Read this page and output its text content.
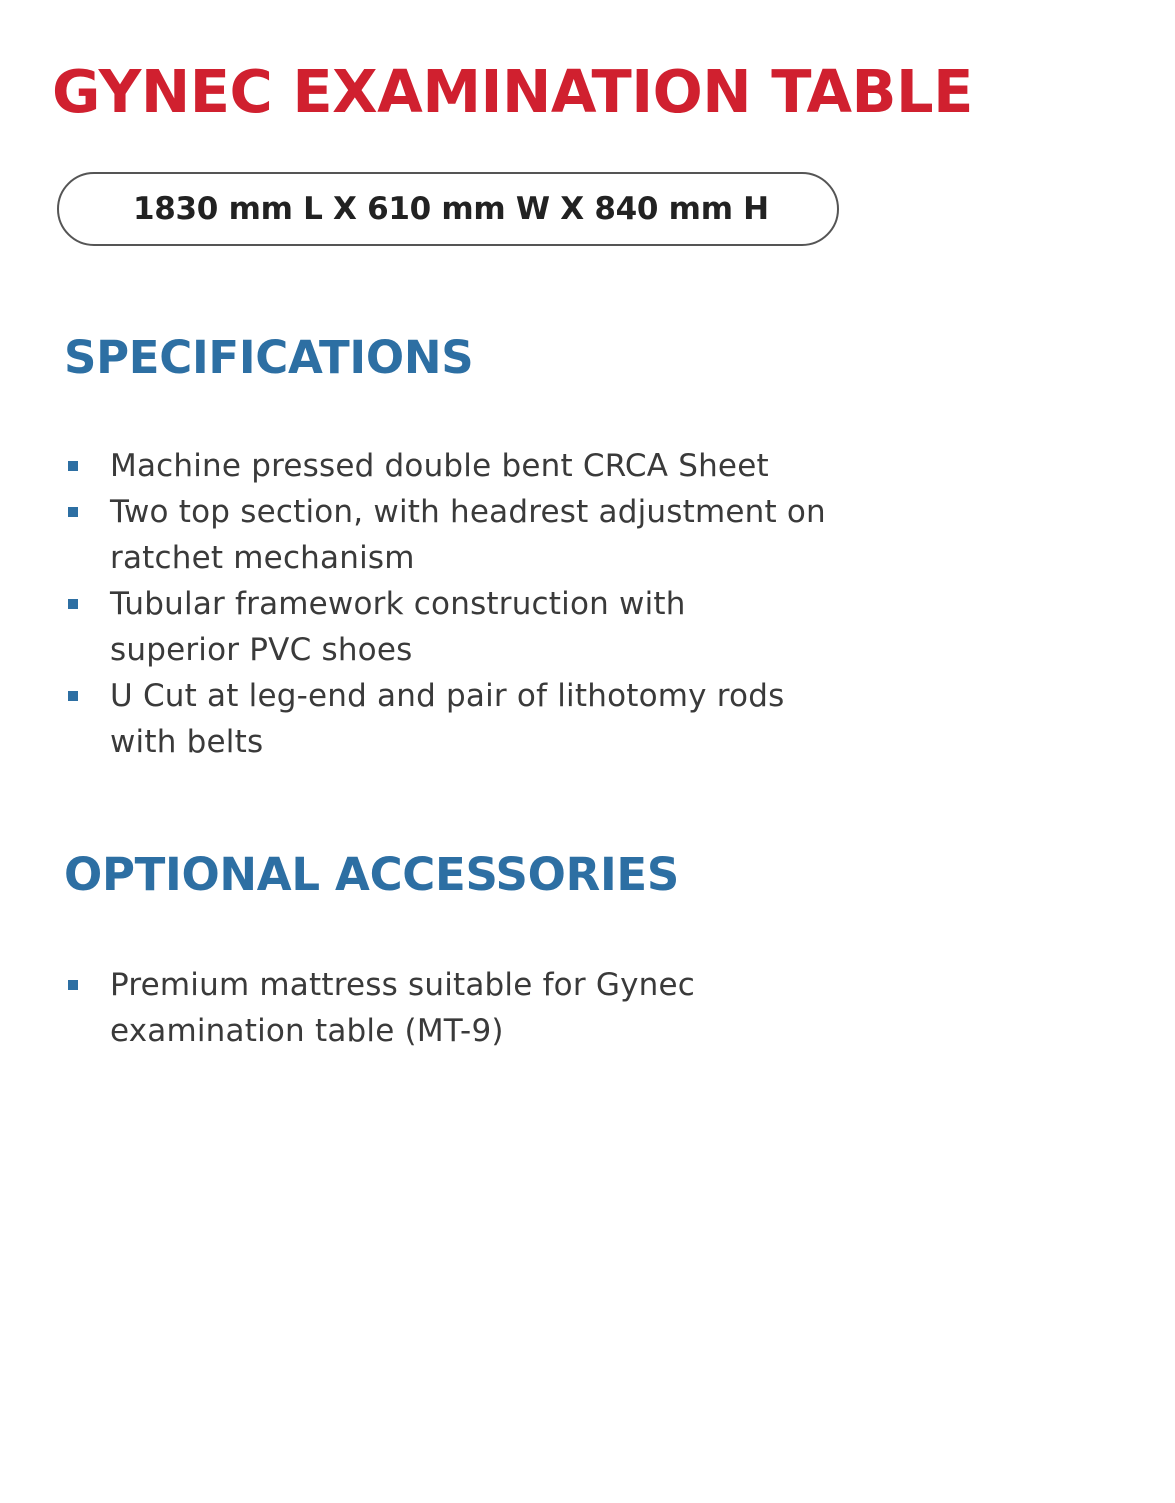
GYNEC EXAMINATION TABLE
1830 mm L X 610 mm W X 840 mm H
SPECIFICATIONS
Machine pressed double bent CRCA Sheet
Two top section, with headrest adjustment on ratchet mechanism
Tubular framework construction with superior PVC shoes
U Cut at leg-end and pair of lithotomy rods with belts
OPTIONAL ACCESSORIES
Premium mattress suitable for Gynec examination table (MT-9)
